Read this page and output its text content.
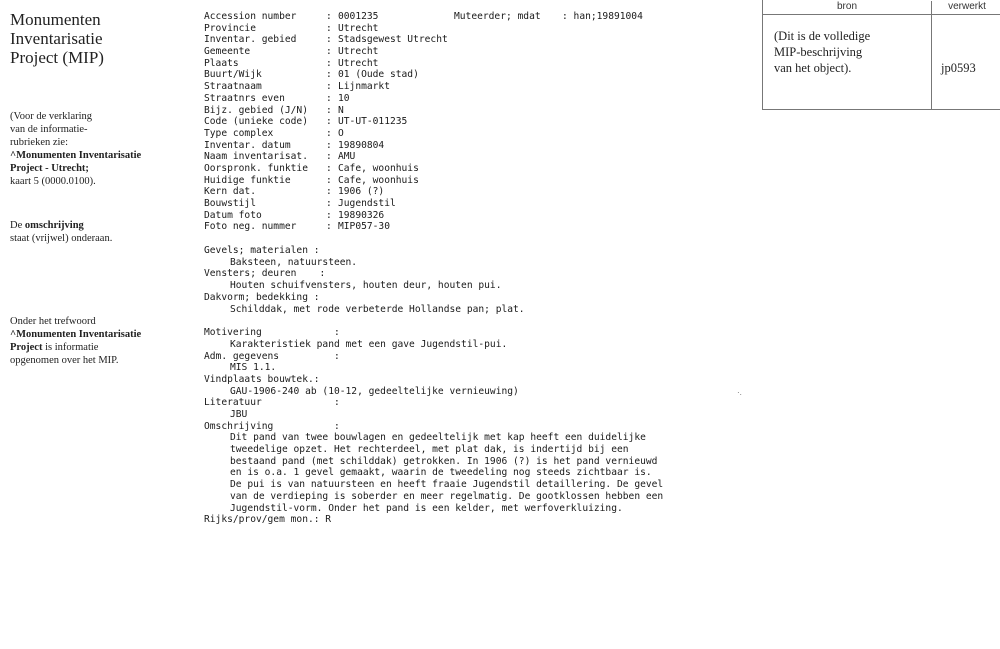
Monumenten
Inventarisatie
Project (MIP)
(Voor de verklaring
van de informatie-
rubrieken zie:
^Monumenten Inventarisatie
Project - Utrecht;
kaart 5 (0000.0100).
De omschrijving
staat (vrijwel) onderaan.
Onder het trefwoord
^Monumenten Inventarisatie
Project is informatie
opgenomen over het MIP.
Accession number	: 0001235	Muteerder; mdat : han;19891004
Provincie	: Utrecht
Inventar. gebied	: Stadsgewest Utrecht
Gemeente	: Utrecht
Plaats	: Utrecht
Buurt/Wijk	: 01 (Oude stad)
Straatnaam	: Lijnmarkt
Straatnrs even	: 10
Bijz. gebied (J/N) : N
Code (unieke code) : UT-UT-011235
Type complex	: O
Inventar. datum	: 19890804
Naam inventarisat. : AMU
Oorspronk. funktie : Cafe, woonhuis
Huidige funktie	: Cafe, woonhuis
Kern dat.	: 1906 (?)
Bouwstijl	: Jugendstil
Datum foto	: 19890326
Foto neg. nummer	: MIP057-30
Gevels; materialen :
Baksteen, natuursteen.
Vensters; deuren    :
Houten schuifvensters, houten deur, houten pui.
Dakvorm; bedekking :
Schilddak, met rode verbeterde Hollandse pan; plat.
Motivering	:
Karakteristiek pand met een gave Jugendstil-pui.
Adm. gegevens	:
MIS 1.1.
Vindplaats bouwtek.:
GAU-1906-240 ab (10-12, gedeeltelijke vernieuwing)
Literatuur	:
JBU
Omschrijving	:
Dit pand van twee bouwlagen en gedeeltelijk met kap heeft een duidelijke
tweedelige opzet. Het rechterdeel, met plat dak, is indertijd bij een
bestaand pand (met schilddak) getrokken. In 1906 (?) is het pand vernieuwd
en is o.a. 1 gevel gemaakt, waarin de tweedeling nog steeds zichtbaar is.
De pui is van natuursteen en heeft fraaie Jugendstil detaillering. De gevel
van de verdieping is soberder en meer regelmatig. De gootklossen hebben een
Jugendstil-vorm. Onder het pand is een kelder, met werfoverkluizing.
Rijks/prov/gem mon.: R
bron	verwerkt
(Dit is de volledige
MIP-beschrijving
van het object).	jp0593
·.
